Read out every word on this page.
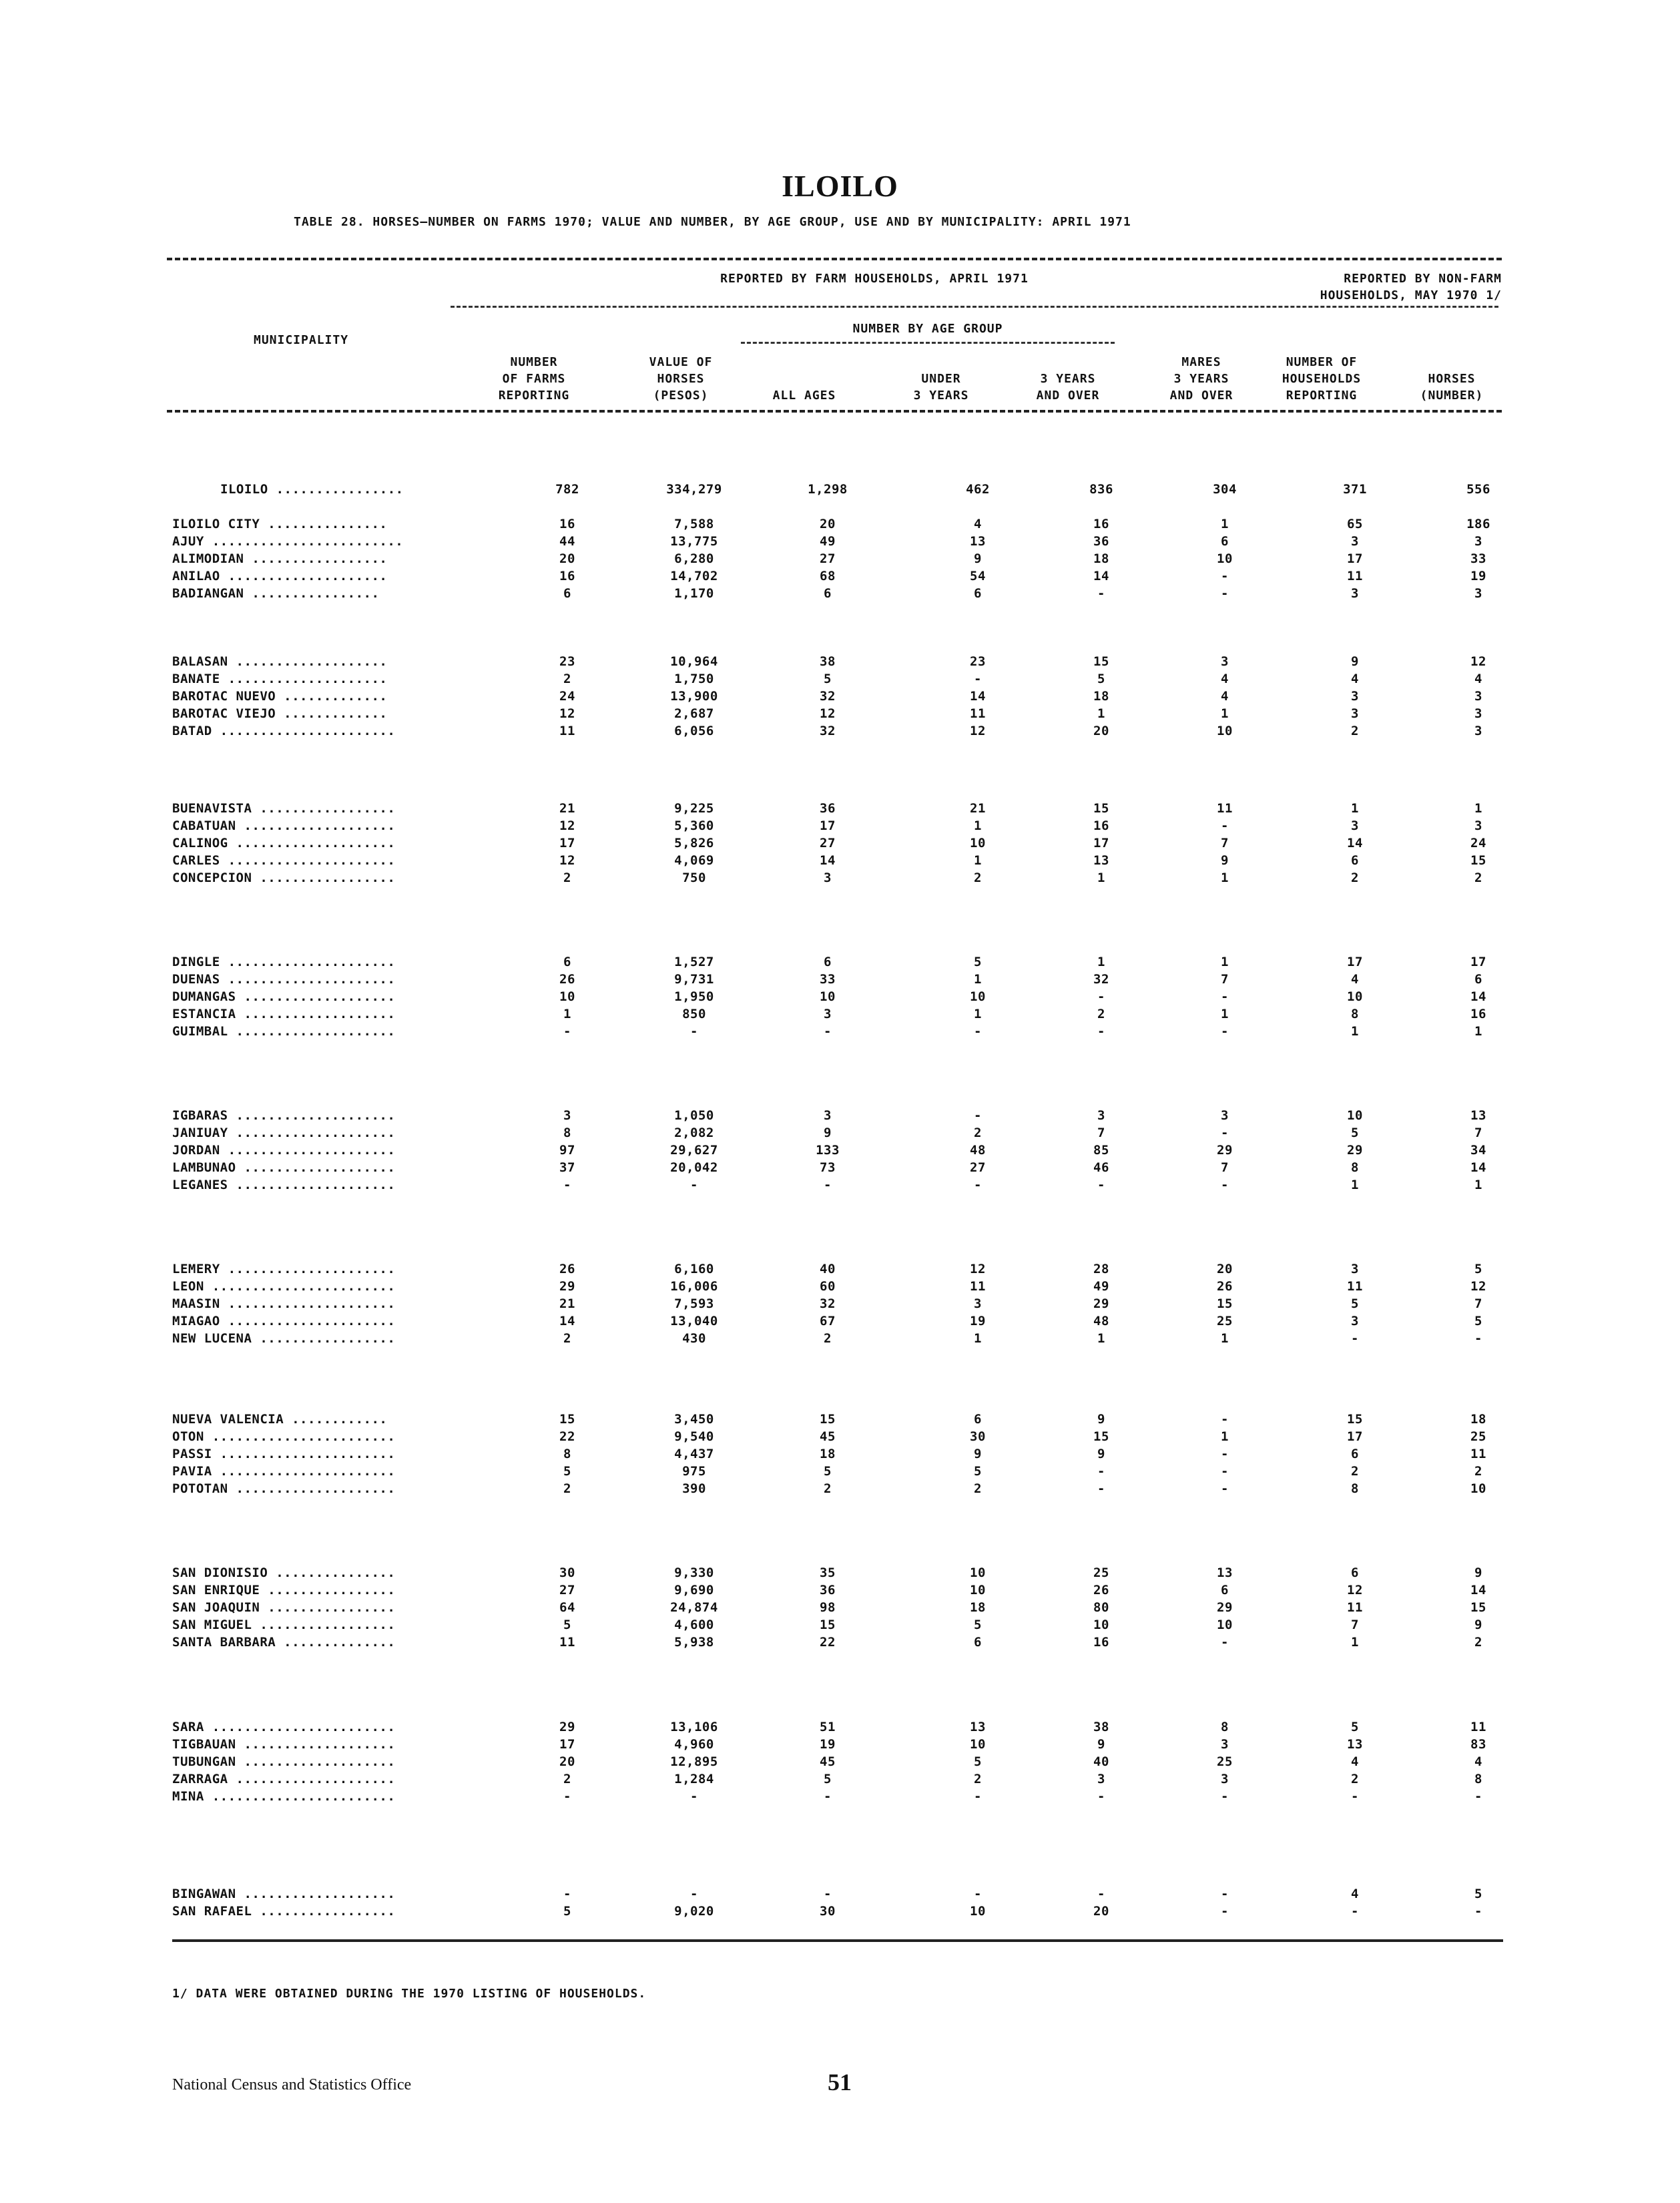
ILOILO
TABLE 28. HORSES—NUMBER ON FARMS 1970; VALUE AND NUMBER, BY AGE GROUP, USE AND BY MUNICIPALITY: APRIL 1971
REPORTED BY FARM HOUSEHOLDS, APRIL 1971	REPORTED BY NON-FARM
HOUSEHOLDS, MAY 1970 1/
NUMBER BY AGE GROUP
MUNICIPALITY
NUMBER
OF FARMS
REPORTING
VALUE OF
HORSES
(PESOS)	ALL AGES
UNDER
3 YEARS
3 YEARS
AND OVER
MARES
3 YEARS
AND OVER
NUMBER OF
HOUSEHOLDS
REPORTING
HORSES
(NUMBER)
ILOILO ................	782	334,279	1,298	462	836	304	371	556
ILOILO CITY ...............	16	7,588	20	4	16	1	65	186
AJUY ........................	44	13,775	49	13	36	6	3	3
ALIMODIAN .................	20	6,280	27	9	18	10	17	33
ANILAO ....................	16	14,702	68	54	14	-	11	19
BADIANGAN ................	6	1,170	6	6	-	-	3	3
BALASAN ...................	23	10,964	38	23	15	3	9	12
BANATE ....................	2	1,750	5	-	5	4	4	4
BAROTAC NUEVO .............	24	13,900	32	14	18	4	3	3
BAROTAC VIEJO .............	12	2,687	12	11	1	1	3	3
BATAD ......................	11	6,056	32	12	20	10	2	3
BUENAVISTA .................	21	9,225	36	21	15	11	1	1
CABATUAN ...................	12	5,360	17	1	16	-	3	3
CALINOG ....................	17	5,826	27	10	17	7	14	24
CARLES .....................	12	4,069	14	1	13	9	6	15
CONCEPCION .................	2	750	3	2	1	1	2	2
DINGLE .....................	6	1,527	6	5	1	1	17	17
DUENAS .....................	26	9,731	33	1	32	7	4	6
DUMANGAS ...................	10	1,950	10	10	-	-	10	14
ESTANCIA ...................	1	850	3	1	2	1	8	16
GUIMBAL ....................	-	-	-	-	-	-	1	1
IGBARAS ....................	3	1,050	3	-	3	3	10	13
JANIUAY ....................	8	2,082	9	2	7	-	5	7
JORDAN .....................	97	29,627	133	48	85	29	29	34
LAMBUNAO ...................	37	20,042	73	27	46	7	8	14
LEGANES ....................	-	-	-	-	-	-	1	1
LEMERY .....................	26	6,160	40	12	28	20	3	5
LEON .......................	29	16,006	60	11	49	26	11	12
MAASIN .....................	21	7,593	32	3	29	15	5	7
MIAGAO .....................	14	13,040	67	19	48	25	3	5
NEW LUCENA .................	2	430	2	1	1	1	-	-
NUEVA VALENCIA ............	15	3,450	15	6	9	-	15	18
OTON .......................	22	9,540	45	30	15	1	17	25
PASSI ......................	8	4,437	18	9	9	-	6	11
PAVIA ......................	5	975	5	5	-	-	2	2
POTOTAN ....................	2	390	2	2	-	-	8	10
SAN DIONISIO ...............	30	9,330	35	10	25	13	6	9
SAN ENRIQUE ................	27	9,690	36	10	26	6	12	14
SAN JOAQUIN ................	64	24,874	98	18	80	29	11	15
SAN MIGUEL .................	5	4,600	15	5	10	10	7	9
SANTA BARBARA ..............	11	5,938	22	6	16	-	1	2
SARA .......................	29	13,106	51	13	38	8	5	11
TIGBAUAN ...................	17	4,960	19	10	9	3	13	83
TUBUNGAN ...................	20	12,895	45	5	40	25	4	4
ZARRAGA ....................	2	1,284	5	2	3	3	2	8
MINA .......................	-	-	-	-	-	-	-	-
BINGAWAN ...................	-	-	-	-	-	-	4	5
SAN RAFAEL .................	5	9,020	30	10	20	-	-	-
1/ DATA WERE OBTAINED DURING THE 1970 LISTING OF HOUSEHOLDS.
National Census and Statistics Office	51
